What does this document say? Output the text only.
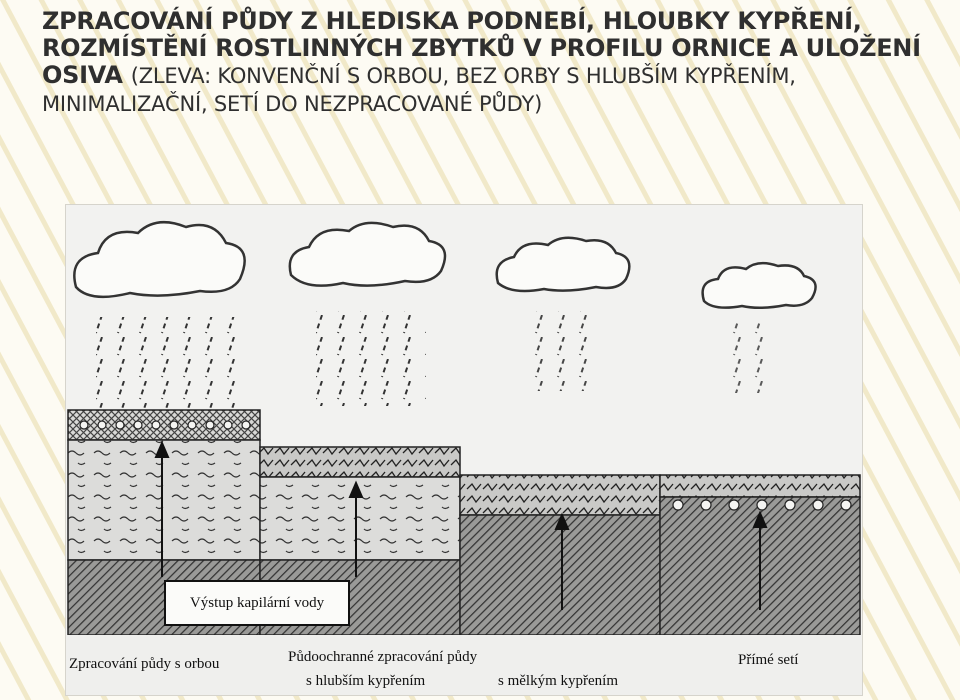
ZPRACOVÁNÍ PŮDY Z HLEDISKA PODNEBÍ, HLOUBKY KYPŘENÍ, ROZMÍSTĚNÍ ROSTLINNÝCH ZBYTKŮ V PROFILU ORNICE A ULOŽENÍ OSIVA (ZLEVA: KONVENČNÍ S ORBOU, BEZ ORBY S HLUBŠÍM KYPŘENÍM, MINIMALIZAČNÍ, SETÍ DO NEZPRACOVANÉ PŮDY)
Výstup kapilární vody
Zpracování půdy s orbou	Půdoochranné zpracování půdy
s hlubším kypřením	s mělkým kypřením
Přímé setí
